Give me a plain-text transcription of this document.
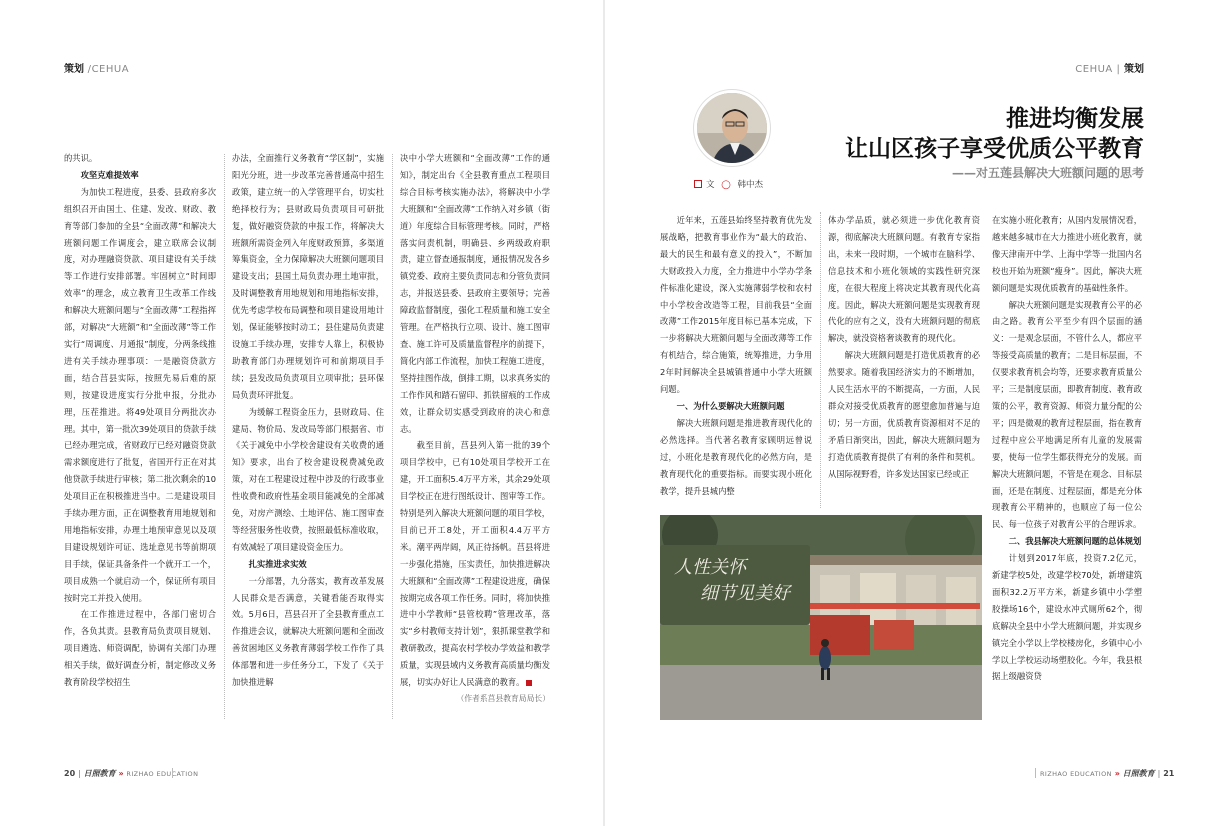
策划 /CEHUA

的共识。

攻坚克难提效率

为加快工程进度，县委、县政府多次组织召开由国土、住建、发改、财政、教育等部门参加的全县“全面改薄”和解决大班额问题工作调度会，建立联席会议制度，对办理融资贷款、项目建设有关手续等工作进行安排部署。牢固树立“时间即效率”的理念，成立教育卫生改革工作线和解决大班额问题与“全面改薄”工程指挥部，对解决“大班额”和“全面改薄”等工作实行“周调度、月通报”制度，分两条线推进有关手续办理事项：一是融资贷款方面，结合莒县实际，按照先易后难的原则，按建设进度实行分批申报，分批办理，压茬推进。将49处项目分两批次办理。其中，第一批次39处项目的贷款手续已经办理完成，省财政厅已经对融资贷款需求额度进行了批复，省国开行正在对其他贷款手续进行审核；第二批次剩余的10处项目正在积极推进当中。二是建设项目手续办理方面，正在调整教育用地规划和用地指标安排，办理土地预审意见以及项目建设规划许可证、选址意见书等前期项目手续，保证具备条件一个就开工一个，项目成熟一个就启动一个，保证所有项目按时完工并投入使用。

在工作推进过程中，各部门密切合作，各负其责。县教育局负责项目规划、项目遴选、师资调配，协调有关部门办理相关手续，做好调查分析，制定修改义务教育阶段学校招生

办法，全面推行义务教育“学区制”，实施阳光分班，进一步改革完善普通高中招生政策，建立统一的入学管理平台，切实杜绝择校行为；县财政局负责项目可研批复，做好融资贷款的申报工作，将解决大班额所需资金列入年度财政预算，多渠道筹集资金，全力保障解决大班额问题项目建设支出；县国土局负责办理土地审批，及时调整教育用地规划和用地指标安排，优先考虑学校布局调整和项目建设用地计划，保证能够按时动工；县住建局负责建设施工手续办理，安排专人靠上，积极协助教育部门办理规划许可和前期项目手续；县发改局负责项目立项审批；县环保局负责环评批复。

为缓解工程资金压力，县财政局、住建局、物价局、发改局等部门根据省、市《关于减免中小学校舍建设有关收费的通知》要求，出台了校舍建设税费减免政策，对在工程建设过程中涉及的行政事业性收费和政府性基金项目能减免的全部减免，对房产测绘、土地评估、施工图审查等经营服务性收费，按照最低标准收取，有效减轻了项目建设资金压力。

扎实推进求实效

一分部署，九分落实，教育改革发展人民群众是否满意，关键看能否取得实效。5月6日，莒县召开了全县教育重点工作推进会议，就解决大班额问题和全面改善贫困地区义务教育薄弱学校工作作了具体部署和进一步任务分工，下发了《关于加快推进解

决中小学大班额和“全面改薄”工作的通知》，制定出台《全县教育重点工程项目综合目标考核实施办法》，将解决中小学大班额和“全面改薄”工作纳入对乡镇（街道）年度综合目标管理考核。同时，严格落实问责机制，明确县、乡两级政府职责，建立督查通报制度，通报情况发各乡镇党委、政府主要负责同志和分管负责同志，并报送县委、县政府主要领导；完善障政监督制度，强化工程质量和施工安全管理。在严格执行立项、设计、施工图审查、施工许可及质量监督程序的前提下，简化内部工作流程，加快工程施工进度，坚持挂图作战，倒排工期，以求真务实的工作作风和踏石留印、抓铁留痕的工作成效，让群众切实感受到政府的决心和意志。

截至目前，莒县列入第一批的39个项目学校中，已有10处项目学校开工在建，开工面积5.4万平方米，其余29处项目学校正在进行图纸设计、图审等工作。特别是列入解决大班额问题的项目学校，目前已开工8处，开工面积4.4万平方米。潮平两岸阔，风正待扬帆。莒县将进一步强化措施，压实责任，加快推进解决大班额和“全面改薄”工程建设进度，确保按期完成各项工作任务。同时，将加快推进中小学教师“县管校聘”管理改革，落实“乡村教师支持计划”，狠抓课堂教学和教研教改，提高农村学校办学效益和教学质量，实现县域内义务教育高质量均衡发展，切实办好让人民满意的教育。

（作者系莒县教育局局长）

20 | 日照教育 » RIZHAO EDUCATION
CEHUA | 策划
推进均衡发展
让山区孩子享受优质公平教育
——对五莲县解决大班额问题的思考
文 ◯ 韩中杰

近年来，五莲县始终坚持教育优先发展战略，把教育事业作为“最大的政治、最大的民生和最有意义的投入”，不断加大财政投入力度，全力推进中小学办学条件标准化建设，深入实施薄弱学校和农村中小学校舍改造等工程，目前我县“全面改薄”工作2015年度目标已基本完成，下一步将解决大班额问题与全面改薄等工作有机结合，综合施策，统筹推进，力争用2年时间解决全县城镇普通中小学大班额问题。

一、为什么要解决大班额问题

解决大班额问题是推进教育现代化的必然选择。当代著名教育家顾明远曾说过，小班化是教育现代化的必然方向，是教育现代化的重要指标。而要实现小班化教学，提升县城内整

体办学品质，就必须进一步优化教育资源，彻底解决大班额问题。有教育专家指出，未来一段时期，一个城市在脑科学、信息技术和小班化领域的实践性研究深度，在很大程度上将决定其教育现代化高度。因此，解决大班额问题是实现教育现代化的应有之义，没有大班额问题的彻底解决，就没资格奢谈教育的现代化。

解决大班额问题是打造优质教育的必然要求。随着我国经济实力的不断增加，人民生活水平的不断提高，一方面，人民群众对接受优质教育的愿望愈加普遍与迫切；另一方面，优质教育资源相对不足的矛盾日渐突出，因此，解决大班额问题为打造优质教育提供了有利的条件和契机。从国际视野看，许多发达国家已经或正

在实施小班化教育；从国内发展情况看，越来越多城市在大力推进小班化教育，就像天津南开中学、上海中学等一批国内名校也开始为班额“瘦身”。因此，解决大班额问题是实现优质教育的基础性条件。

解决大班额问题是实现教育公平的必由之路。教育公平至少有四个层面的涵义：一是观念层面，不管什么人，都应平等接受高质量的教育；二是目标层面，不仅要求教育机会均等，还要求教育质量公平；三是制度层面，即教育制度、教育政策的公平，教育资源、师资力量分配的公平；四是微观的教育过程层面，指在教育过程中应公平地满足所有儿童的发展需要，使每一位学生都获得充分的发展。而解决大班额问题，不管是在观念、目标层面，还是在制度、过程层面，都是充分体现教育公平精神的，也顺应了每一位公民、每一位孩子对教育公平的合理诉求。

二、我县解决大班额问题的总体规划

计划到2017年底，投资7.2亿元，新建学校5处，改建学校70处，新增建筑面积32.2万平方米，新建乡镇中小学塑胶操场16个，建设水冲式厕所62个，彻底解决全县中小学大班额问题，并实现乡镇完全小学以上学校楼房化，乡镇中心小学以上学校运动场塑胶化。今年，我县根据上级融资贷

人性关怀
细节见美好
RIZHAO EDUCATION » 日照教育 | 21
